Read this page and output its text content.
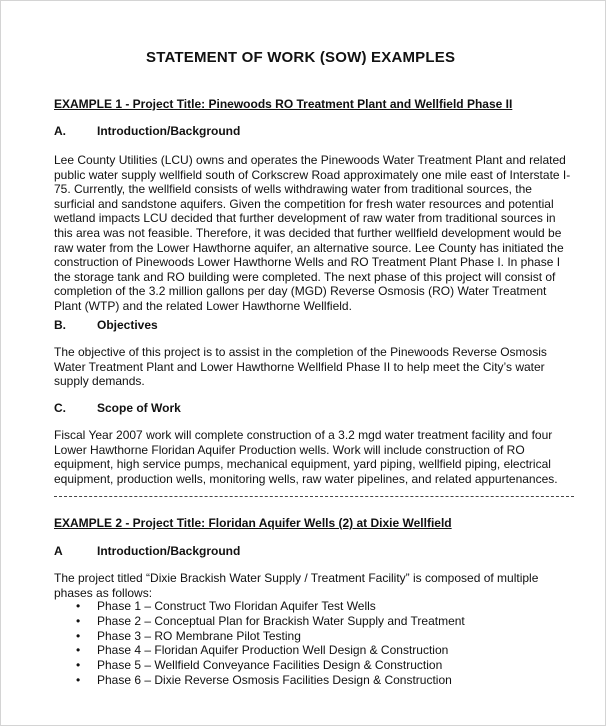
STATEMENT OF WORK (SOW) EXAMPLES
EXAMPLE 1 - Project Title: Pinewoods RO Treatment Plant and Wellfield Phase II
A.	Introduction/Background
Lee County Utilities (LCU) owns and operates the Pinewoods Water Treatment Plant and related
public water supply wellfield south of Corkscrew Road approximately one mile east of Interstate I-
75. Currently, the wellfield consists of wells withdrawing water from traditional sources, the
surficial and sandstone aquifers. Given the competition for fresh water resources and potential
wetland impacts LCU decided that further development of raw water from traditional sources in
this area was not feasible. Therefore, it was decided that further wellfield development would be
raw water from the Lower Hawthorne aquifer, an alternative source. Lee County has initiated the
construction of Pinewoods Lower Hawthorne Wells and RO Treatment Plant Phase I. In phase I
the storage tank and RO building were completed. The next phase of this project will consist of
completion of the 3.2 million gallons per day (MGD) Reverse Osmosis (RO) Water Treatment
Plant (WTP) and the related Lower Hawthorne Wellfield.
B.	Objectives
The objective of this project is to assist in the completion of the Pinewoods Reverse Osmosis
Water Treatment Plant and Lower Hawthorne Wellfield Phase II to help meet the City’s water
supply demands.
C.	Scope of Work
Fiscal Year 2007 work will complete construction of a 3.2 mgd water treatment facility and four
Lower Hawthorne Floridan Aquifer Production wells. Work will include construction of RO
equipment, high service pumps, mechanical equipment, yard piping, wellfield piping, electrical
equipment, production wells, monitoring wells, raw water pipelines, and related appurtenances.
EXAMPLE 2 - Project Title: Floridan Aquifer Wells (2) at Dixie Wellfield
A	Introduction/Background
The project titled “Dixie Brackish Water Supply / Treatment Facility” is composed of multiple
phases as follows:
• Phase 1 – Construct Two Floridan Aquifer Test Wells
• Phase 2 – Conceptual Plan for Brackish Water Supply and Treatment
• Phase 3 – RO Membrane Pilot Testing
• Phase 4 – Floridan Aquifer Production Well Design & Construction
• Phase 5 – Wellfield Conveyance Facilities Design & Construction
• Phase 6 – Dixie Reverse Osmosis Facilities Design & Construction
